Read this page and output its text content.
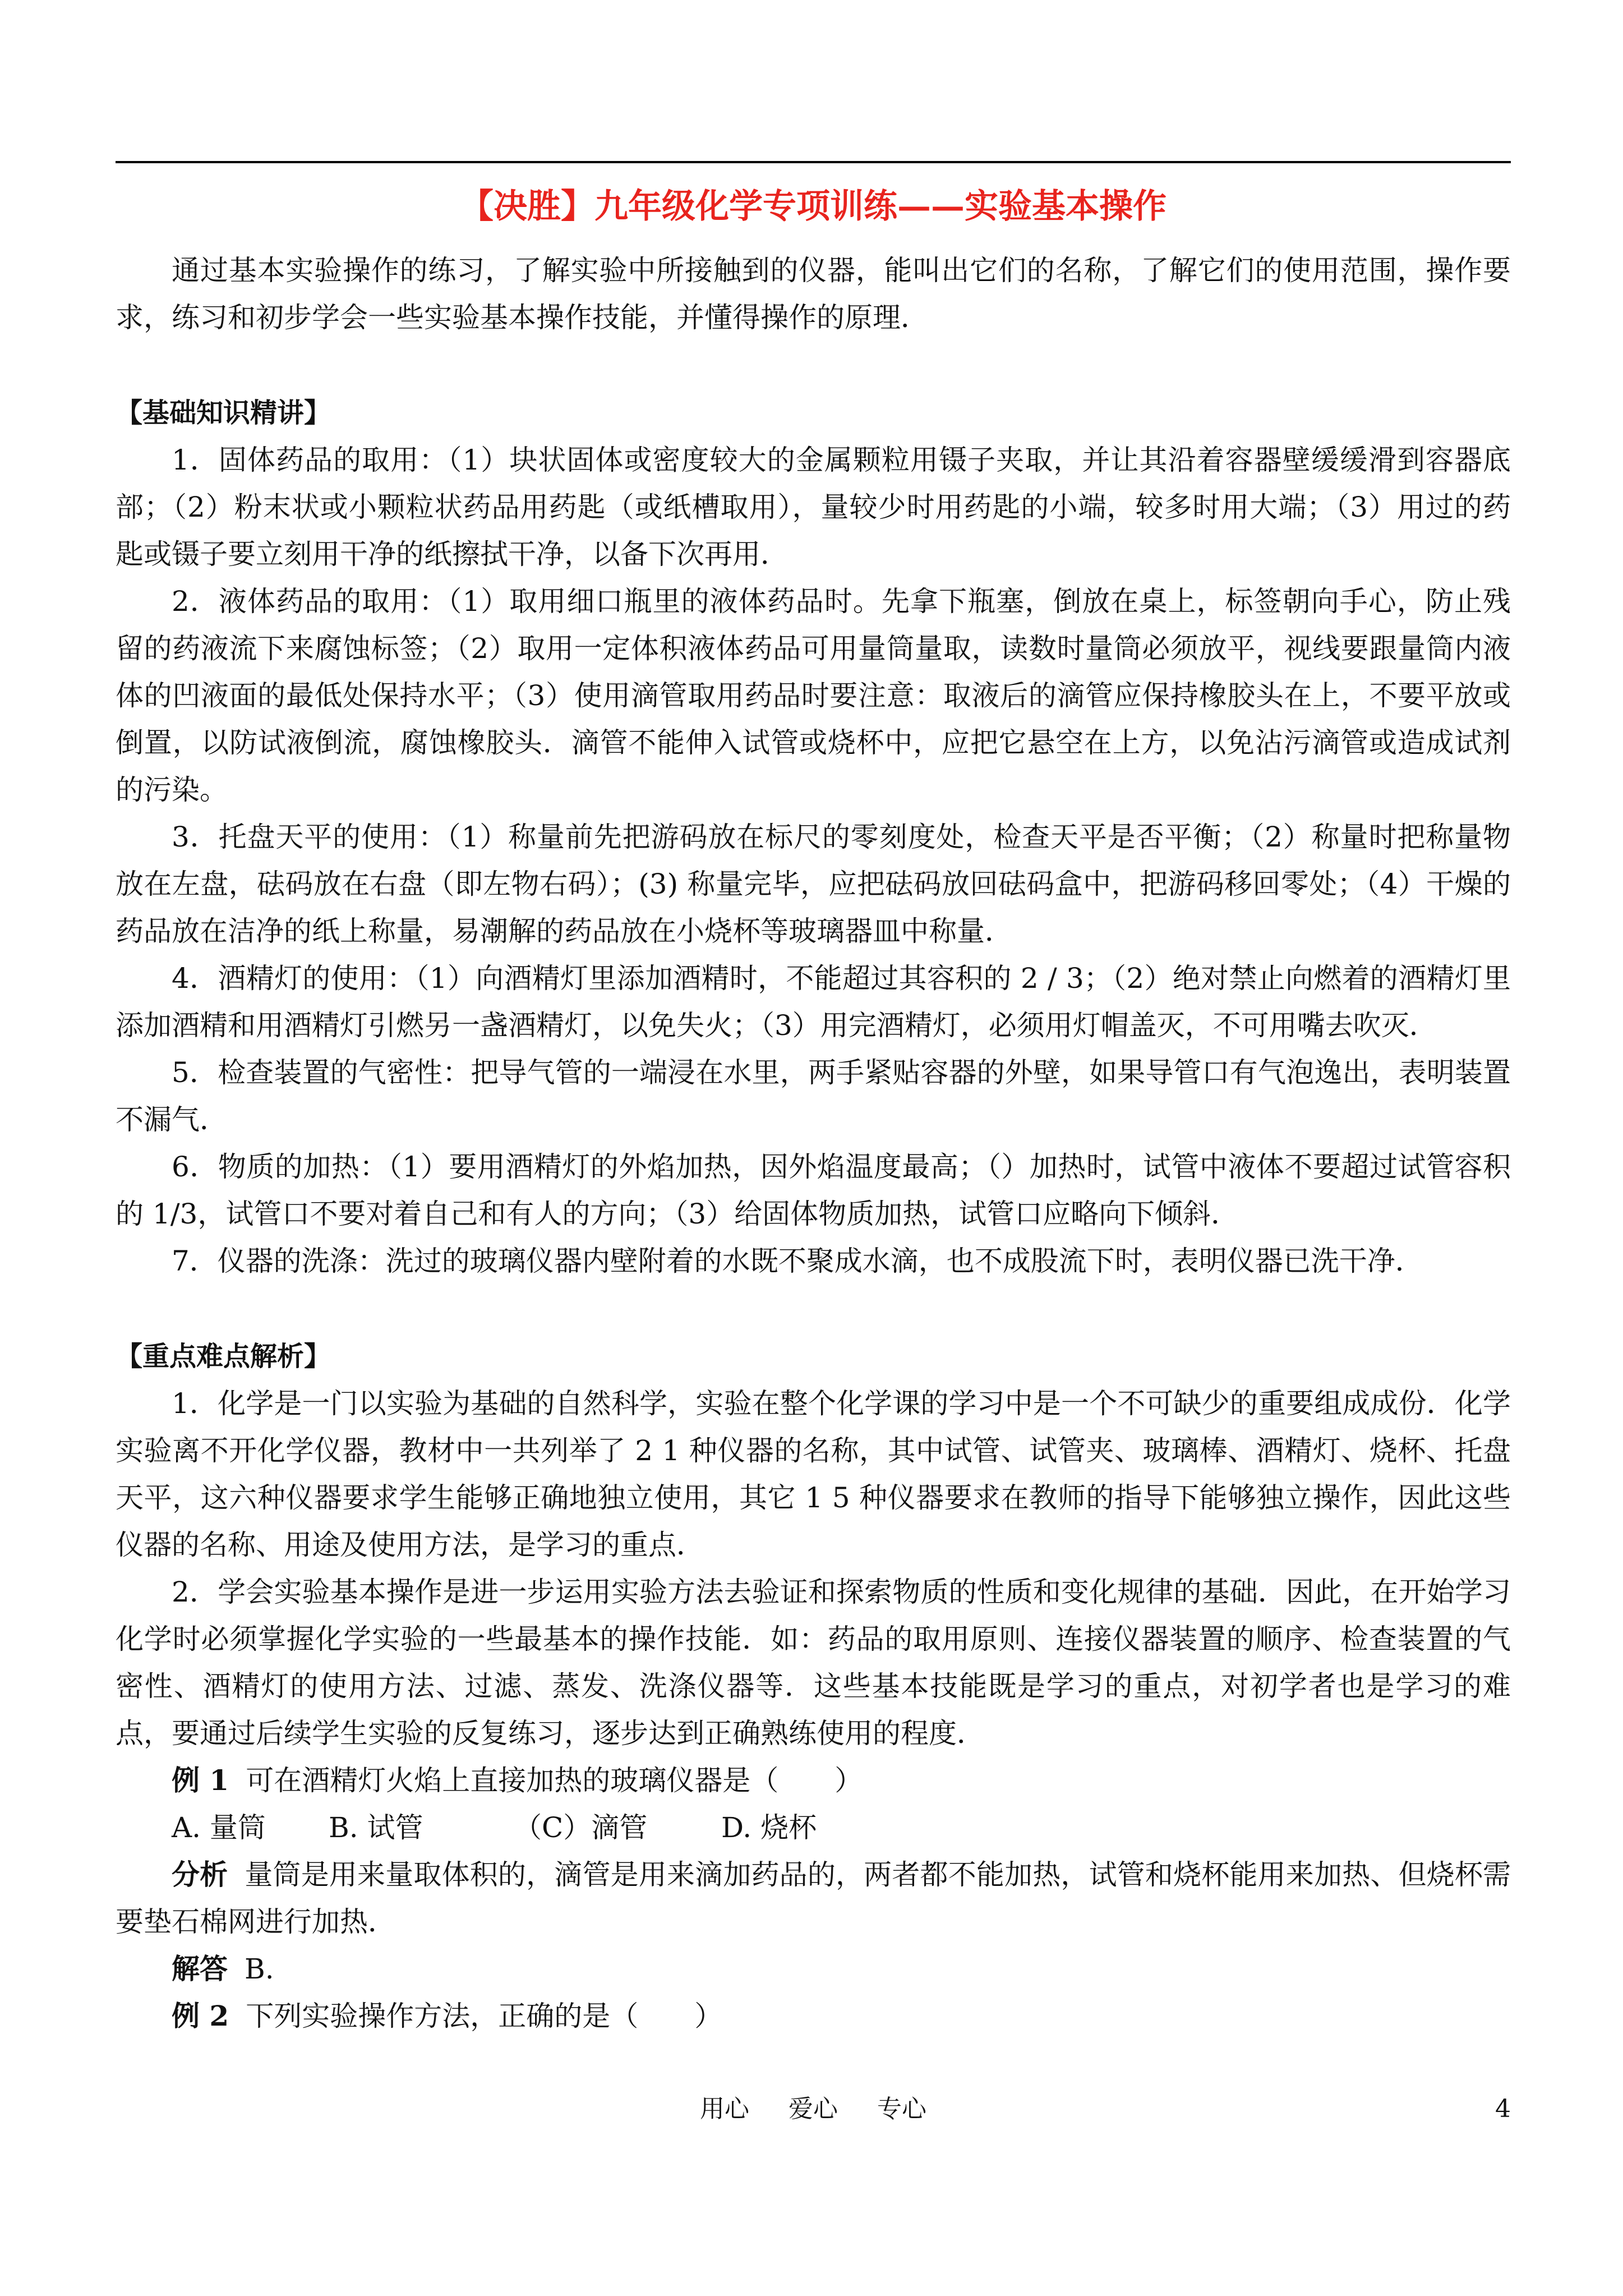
【决胜】九年级化学专项训练——实验基本操作

通过基本实验操作的练习，了解实验中所接触到的仪器，能叫出它们的名称，了解它们的使用范围，操作要求，练习和初步学会一些实验基本操作技能，并懂得操作的原理．

【基础知识精讲】

1．固体药品的取用：（1）块状固体或密度较大的金属颗粒用镊子夹取，并让其沿着容器壁缓缓滑到容器底部；（2）粉末状或小颗粒状药品用药匙（或纸槽取用），量较少时用药匙的小端，较多时用大端；（3）用过的药匙或镊子要立刻用干净的纸擦拭干净，以备下次再用．

2．液体药品的取用：（1）取用细口瓶里的液体药品时。先拿下瓶塞，倒放在桌上，标签朝向手心，防止残留的药液流下来腐蚀标签；（2）取用一定体积液体药品可用量筒量取，读数时量筒必须放平，视线要跟量筒内液体的凹液面的最低处保持水平；（3）使用滴管取用药品时要注意：取液后的滴管应保持橡胶头在上，不要平放或倒置，以防试液倒流，腐蚀橡胶头．滴管不能伸入试管或烧杯中，应把它悬空在上方，以免沾污滴管或造成试剂的污染。

3．托盘天平的使用：（1）称量前先把游码放在标尺的零刻度处，检查天平是否平衡；（2）称量时把称量物放在左盘，砝码放在右盘（即左物右码）；(3) 称量完毕，应把砝码放回砝码盒中，把游码移回零处；（4）干燥的药品放在洁净的纸上称量，易潮解的药品放在小烧杯等玻璃器皿中称量．

4．酒精灯的使用：（1）向酒精灯里添加酒精时，不能超过其容积的 2 / 3；（2）绝对禁止向燃着的酒精灯里添加酒精和用酒精灯引燃另一盏酒精灯，以免失火；（3）用完酒精灯，必须用灯帽盖灭，不可用嘴去吹灭．

5．检查装置的气密性：把导气管的一端浸在水里，两手紧贴容器的外壁，如果导管口有气泡逸出，表明装置不漏气．

6．物质的加热：（1）要用酒精灯的外焰加热，因外焰温度最高；（）加热时，试管中液体不要超过试管容积的 1/3，试管口不要对着自己和有人的方向；（3）给固体物质加热，试管口应略向下倾斜．

7．仪器的洗涤：洗过的玻璃仪器内壁附着的水既不聚成水滴，也不成股流下时，表明仪器已洗干净．

【重点难点解析】

1．化学是一门以实验为基础的自然科学，实验在整个化学课的学习中是一个不可缺少的重要组成成份．化学实验离不开化学仪器，教材中一共列举了 2 1 种仪器的名称，其中试管、试管夹、玻璃棒、酒精灯、烧杯、托盘天平，这六种仪器要求学生能够正确地独立使用，其它 1 5 种仪器要求在教师的指导下能够独立操作，因此这些仪器的名称、用途及使用方法，是学习的重点．

2．学会实验基本操作是进一步运用实验方法去验证和探索物质的性质和变化规律的基础．因此，在开始学习化学时必须掌握化学实验的一些最基本的操作技能．如：药品的取用原则、连接仪器装置的顺序、检查装置的气密性、酒精灯的使用方法、过滤、蒸发、洗涤仪器等．这些基本技能既是学习的重点，对初学者也是学习的难点，要通过后续学生实验的反复练习，逐步达到正确熟练使用的程度．

例 1 可在酒精灯火焰上直接加热的玻璃仪器是（　　）

A. 量筒	B. 试管	（C）滴管	D. 烧杯

分析 量筒是用来量取体积的，滴管是用来滴加药品的，两者都不能加热，试管和烧杯能用来加热、但烧杯需要垫石棉网进行加热．

解答 B.

例 2 下列实验操作方法，正确的是（　　）

用心 爱心 专心	4
